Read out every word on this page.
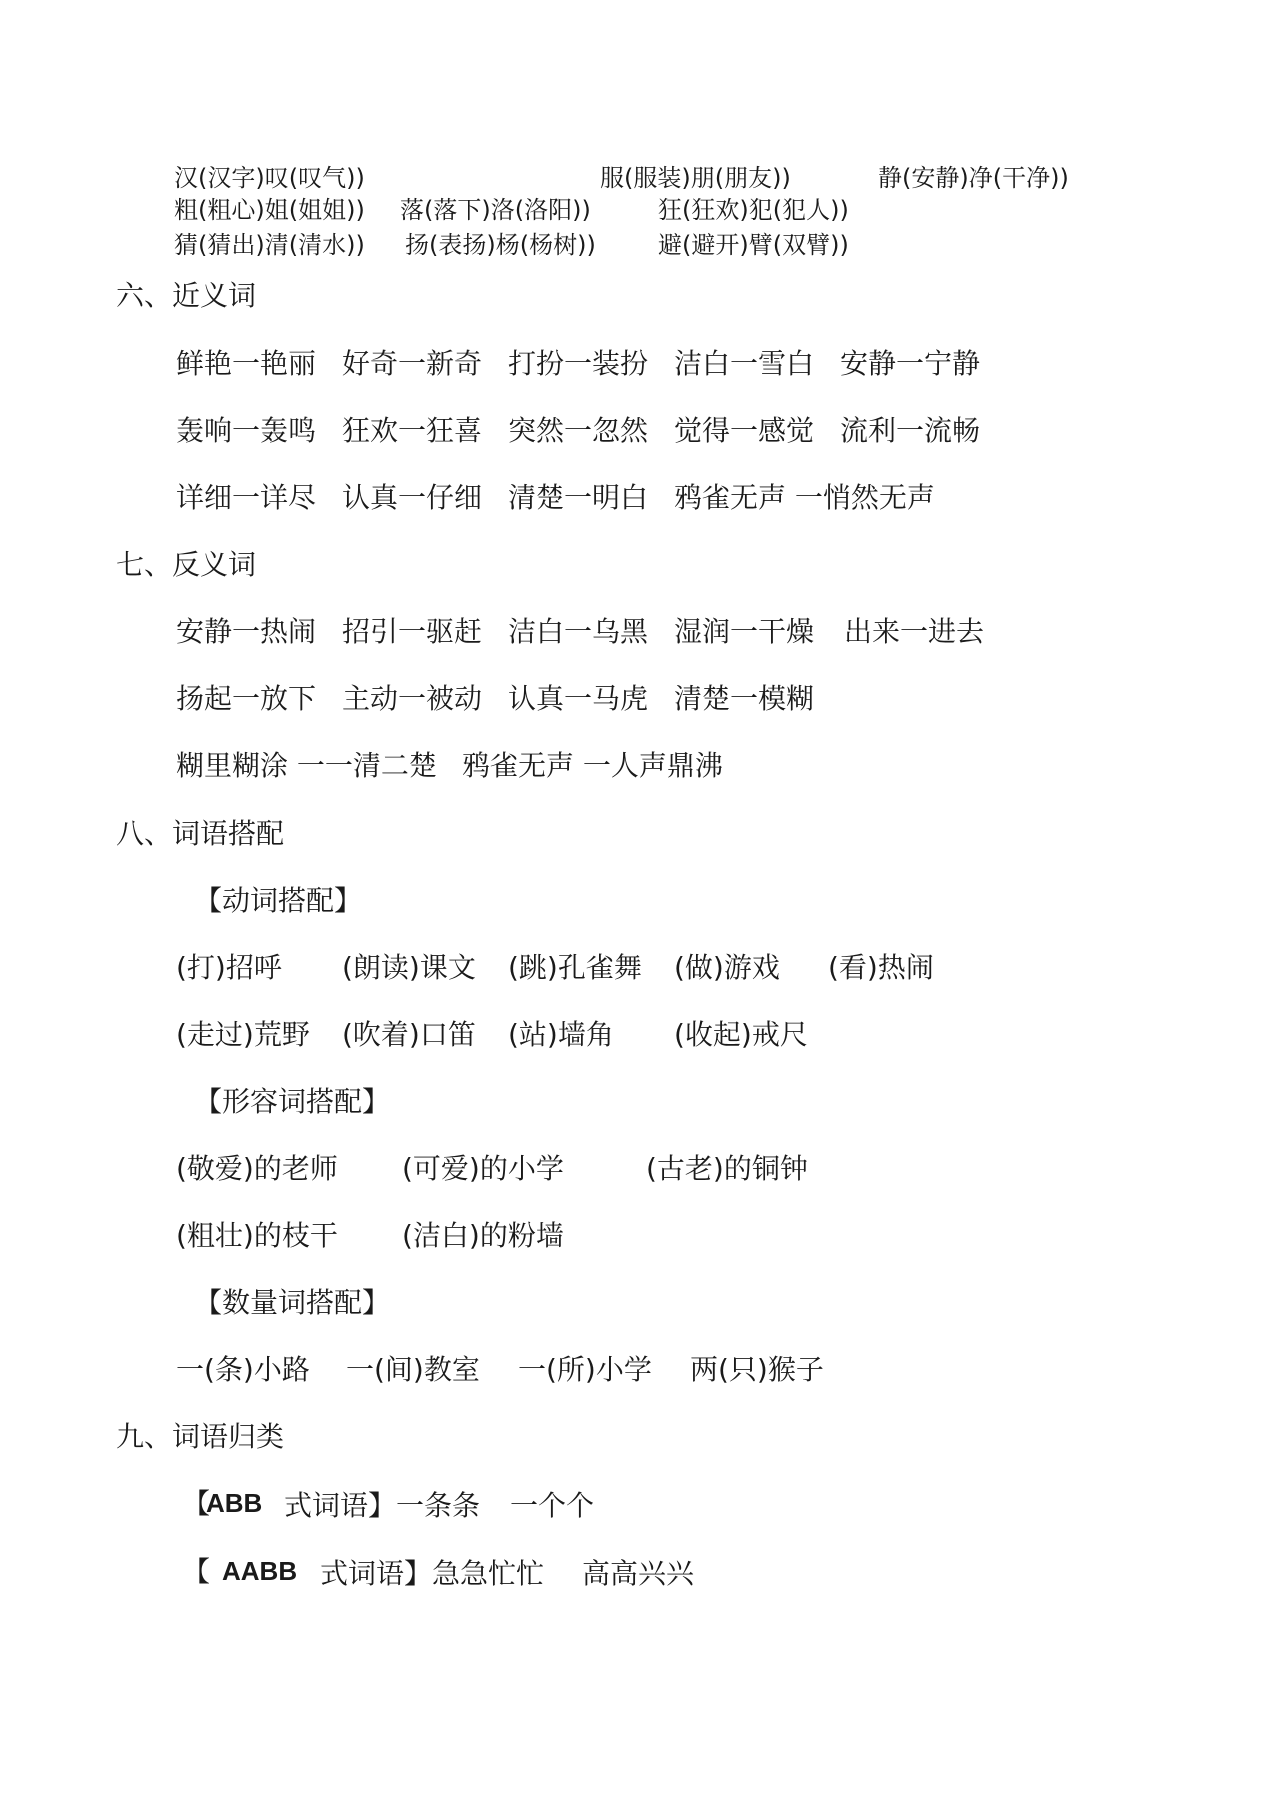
汉(汉字)叹(叹气))	服(服装)朋(朋友))	静(安静)净(干净))
粗(粗心)姐(姐姐)) 落(落下)洛(洛阳))	狂(狂欢)犯(犯人))
猜(猜出)清(清水)) 扬(表扬)杨(杨树))	避(避开)臂(双臂))
六、近义词
鲜艳一艳丽 好奇一新奇 打扮一装扮 洁白一雪白 安静一宁静
轰响一轰鸣 狂欢一狂喜 突然一忽然 觉得一感觉 流利一流畅
详细一详尽 认真一仔细 清楚一明白 鸦雀无声 一悄然无声
七、反义词
安静一热闹 招引一驱赶 洁白一乌黑 湿润一干燥 出来一进去
扬起一放下 主动一被动 认真一马虎 清楚一模糊
糊里糊涂 一一清二楚 鸦雀无声 一人声鼎沸
八、词语搭配
【动词搭配】
(打)招呼 (朗读)课文 (跳)孔雀舞 (做)游戏 (看)热闹
(走过)荒野 (吹着)口笛 (站)墙角 (收起)戒尺
【形容词搭配】
(敬爱)的老师 (可爱)的小学	(古老)的铜钟
(粗壮)的枝干 (洁白)的粉墙
【数量词搭配】
一(条)小路 一(间)教室 一(所)小学 两(只)猴子
九、词语归类
【
ABB 式词语】一条条 一个个
【 AABB 式词语】急急忙忙 高高兴兴
